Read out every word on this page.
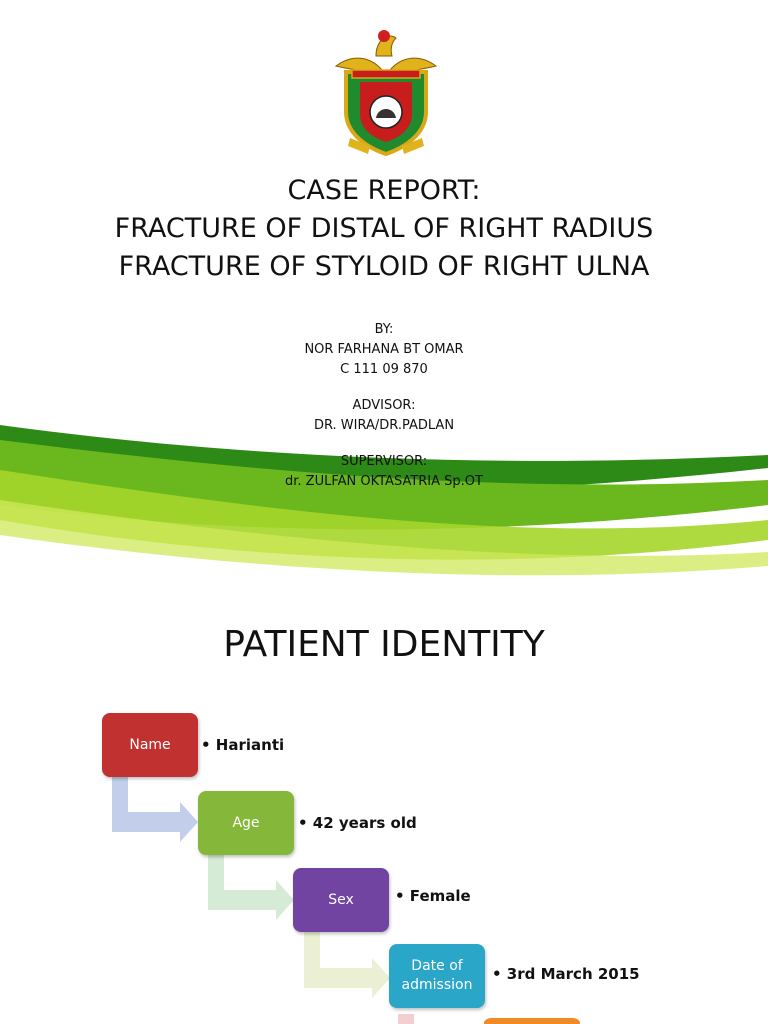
CASE REPORT:
FRACTURE OF DISTAL OF RIGHT RADIUS
FRACTURE OF STYLOID OF RIGHT ULNA
BY:
NOR FARHANA BT OMAR
C 111 09 870
ADVISOR:
DR. WIRA/DR.PADLAN
SUPERVISOR:
dr. ZULFAN OKTASATRIA Sp.OT
PATIENT IDENTITY
Name • Harianti
Age	• 42 years old
Sex	• Female
Date of admission
• 3rd March 2015
